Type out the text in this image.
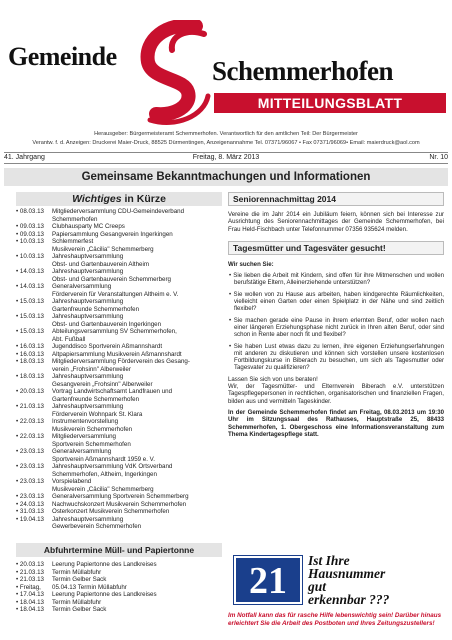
Gemeinde	Schemmerhofen
MITTEILUNGSBLATT
Herausgeber: Bürgermeisteramt Schemmerhofen. Verantwortlich für den amtlichen Teil: Der Bürgermeister
Verantw. f. d. Anzeigen: Druckerei Maier-Druck, 88525 Dürmentingen, Anzeigenannahme Tel. 07371/96067 • Fax 07371/96069• Email: maierdruck@aol.com
41. Jahrgang	Freitag, 8. März 2013	Nr. 10
Gemeinsame Bekanntmachungen und Informationen
Wichtiges in Kürze
• 08.03.13	Mitgliederversammlung CDU-Gemeindeverband
Schemmerhofen
• 09.03.13	Clubhausparty MC Creeps
• 09.03.13	Papiersammlung Gesangverein Ingerkingen
• 10.03.13	Schlemmerfest
Musikverein „Cäcilia" Schemmerberg
• 10.03.13	Jahreshauptversammlung
Obst- und Gartenbauverein Altheim
• 14.03.13	Jahreshauptversammlung
Obst- und Gartenbauverein Schemmerberg
• 14.03.13	Generalversammlung
Förderverein für Veranstaltungen Altheim e. V.
• 15.03.13	Jahreshauptversammlung
Gartenfreunde Schemmerhofen
• 15.03.13	Jahreshauptversammlung
Obst- und Gartenbauverein Ingerkingen
• 15.03.13	Abteilungsversammlung SV Schemmerhofen,
Abt. Fußball
• 16.03.13	Jugenddisco Sportverein Aßmannshardt
• 16.03.13	Altpapiersammlung Musikverein Aßmannshardt
• 18.03.13	Mitgliederversammlung Förderverein des Gesang-
verein „Frohsinn" Alberweiler
• 18.03.13	Jahreshauptversammlung
Gesangverein „Frohsinn" Alberweiler
• 20.03.13	Vortrag Landwirtschaftsamt Landfrauen und
Gartenfreunde Schemmerhofen
• 21.03.13	Jahreshauptversammlung
Förderverein Wohnpark St. Klara
• 22.03.13	Instrumentenvorstellung
Musikverein Schemmerhofen
• 22.03.13	Mitgliederversammlung
Sportverein Schemmerhofen
• 23.03.13	Generalversammlung
Sportverein Aßmannshardt 1959 e. V.
• 23.03.13	Jahreshauptversammlung VdK Ortsverband
Schemmerhofen, Altheim, Ingerkingen
• 23.03.13	Vorspielabend
Musikverein „Cäcilia" Schemmerberg
• 23.03.13	Generalversammlung Sportverein Schemmerberg
• 24.03.13	Nachwuchskonzert Musikverein Schemmerhofen
• 31.03.13	Osterkonzert Musikverein Schemmerhofen
• 19.04.13	Jahreshauptversammlung
Gewerbeverein Schemmerhofen
Abfuhrtermine Müll- und Papiertonne
• 20.03.13	Leerung Papiertonne des Landkreises
• 21.03.13	Termin Müllabfuhr
• 21.03.13	Termin Gelber Sack
• Freitag,	05.04.13 Termin Müllabfuhr
• 17.04.13	Leerung Papiertonne des Landkreises
• 18.04.13	Termin Müllabfuhr
• 18.04.13	Termin Gelber Sack
Seniorennachmittag 2014
Vereine die im Jahr 2014 ein Jubiläum feiern, können sich bei Interesse zur Ausrichtung des Seniorennachmittages der Gemeinde Schemmerhofen, bei Frau Held-Fischbach unter Telefonnummer 07356 935624 melden.
Tagesmütter und Tagesväter gesucht!
Wir suchen Sie:
• Sie lieben die Arbeit mit Kindern, sind offen für ihre Mitmenschen und wollen berufstätige Eltern, Alleinerziehende unterstützen?
• Sie wollen von zu Hause aus arbeiten, haben kindgerechte Räumlichkeiten, vielleicht einen Garten oder einen Spielplatz in der Nähe und sind zeitlich flexibel?
• Sie machen gerade eine Pause in ihrem erlernten Beruf, oder wollen nach einer längeren Erziehungsphase nicht zurück in Ihren alten Beruf, oder sind schon in Rente aber noch fit und flexibel?
• Sie haben Lust etwas dazu zu lernen, ihre eigenen Erziehungserfahrungen mit anderen zu diskutieren und können sich vorstellen unsere kostenlosen Fortbildungskurse in Biberach zu besuchen, um sich als Tagesmutter oder Tagesvater zu qualifizieren?
Lassen Sie sich von uns beraten!
Wir, der Tagesmütter- und Elternverein Biberach e.V. unterstützen Tagespflegepersonen in rechtlichen, organisatorischen und finanziellen Fragen, bilden aus und vermitteln Tageskinder.
In der Gemeinde Schemmerhofen findet am Freitag, 08.03.2013 um 19:30 Uhr im Sitzungssaal des Rathauses, Hauptstraße 25, 88433 Schemmerhofen, 1. Obergeschoss eine Informationsveranstaltung zum Thema Kindertagespflege statt.
21	Ist Ihre
Hausnummer
gut
erkennbar ???
Im Notfall kann das für rasche Hilfe lebenswichtig sein! Darüber hinaus erleichtert Sie die Arbeit des Postboten und Ihres Zeitungszustellers!
